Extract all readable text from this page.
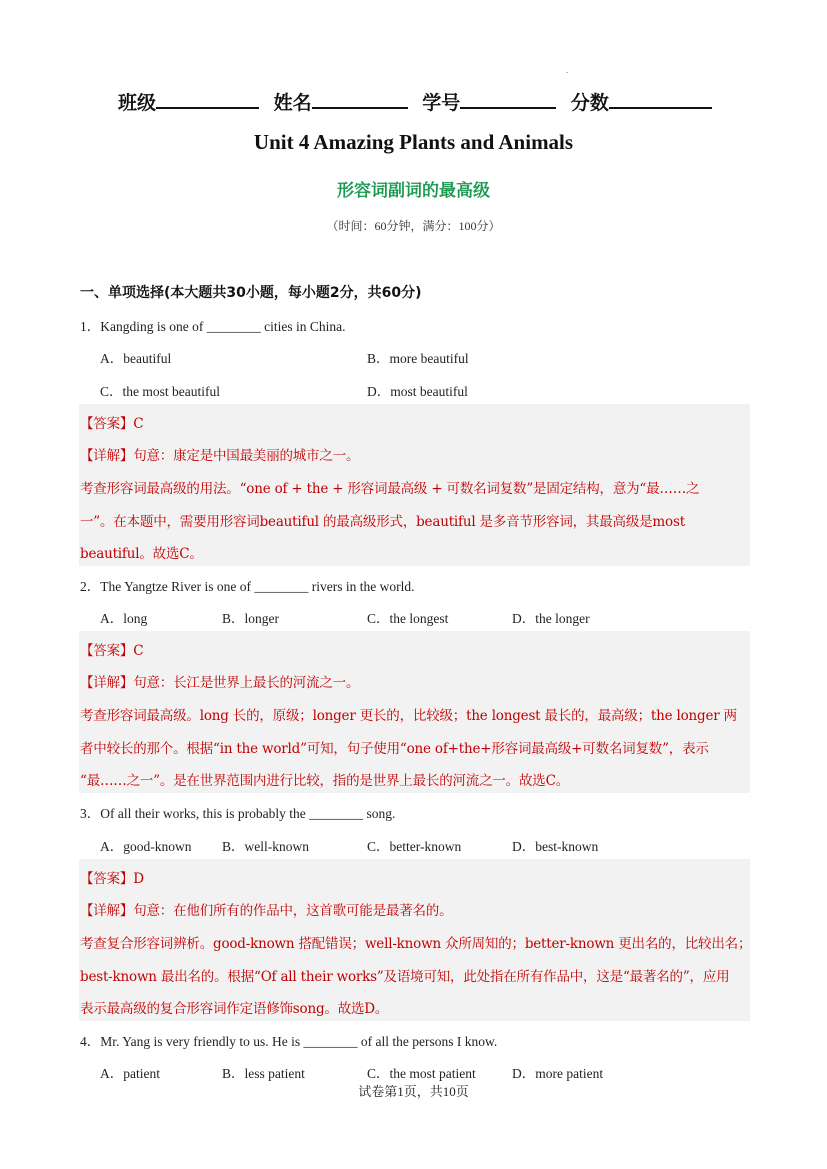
.
班级	姓名	学号	分数
Unit 4 Amazing Plants and Animals
形容词副词的最高级
（时间：60分钟，满分：100分）
一、单项选择(本大题共30小题，每小题2分，共60分)
1．Kangding is one of ________ cities in China.
A．beautiful	B．more beautiful
C．the most beautiful	D．most beautiful
【答案】C
【详解】句意：康定是中国最美丽的城市之一。
考查形容词最高级的用法。“one of + the + 形容词最高级 + 可数名词复数”是固定结构，意为“最……之
一”。在本题中，需要用形容词beautiful 的最高级形式，beautiful 是多音节形容词，其最高级是most
beautiful。故选C。
2．The Yangtze River is one of ________ rivers in the world.
A．long	B．longer	C．the longest	D．the longer
【答案】C
【详解】句意：长江是世界上最长的河流之一。
考查形容词最高级。long 长的，原级；longer 更长的，比较级；the longest 最长的，最高级；the longer 两
者中较长的那个。根据“in the world”可知，句子使用“one of+the+形容词最高级+可数名词复数”，表示
“最……之一”。是在世界范围内进行比较，指的是世界上最长的河流之一。故选C。
3．Of all their works, this is probably the ________ song.
A．good-known B．well-known	C．better-known	D．best-known
【答案】D
【详解】句意：在他们所有的作品中，这首歌可能是最著名的。
考查复合形容词辨析。good-known 搭配错误；well-known 众所周知的；better-known 更出名的，比较出名；
best-known 最出名的。根据“Of all their works”及语境可知，此处指在所有作品中，这是“最著名的”，应用
表示最高级的复合形容词作定语修饰song。故选D。
4．Mr. Yang is very friendly to us. He is ________ of all the persons I know.
A．patient	B．less patient	C．the most patient	D．more patient
试卷第1页，共10页
